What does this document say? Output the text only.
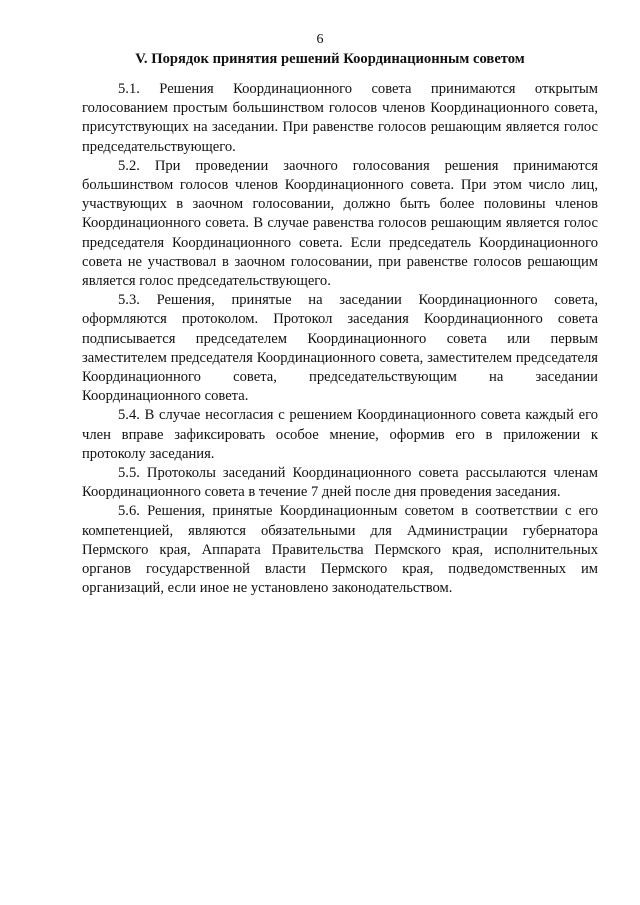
6
V. Порядок принятия решений Координационным советом

5.1. Решения Координационного совета принимаются открытым голосованием простым большинством голосов членов Координационного совета, присутствующих на заседании. При равенстве голосов решающим является голос председательствующего.

5.2. При проведении заочного голосования решения принимаются большинством голосов членов Координационного совета. При этом число лиц, участвующих в заочном голосовании, должно быть более половины членов Координационного совета. В случае равенства голосов решающим является голос председателя Координационного совета. Если председатель Координационного совета не участвовал в заочном голосовании, при равенстве голосов решающим является голос председательствующего.

5.3. Решения, принятые на заседании Координационного совета, оформляются протоколом. Протокол заседания Координационного совета подписывается председателем Координационного совета или первым заместителем председателя Координационного совета, заместителем председателя Координационного совета, председательствующим на заседании Координационного совета.

5.4. В случае несогласия с решением Координационного совета каждый его член вправе зафиксировать особое мнение, оформив его в приложении к протоколу заседания.

5.5. Протоколы заседаний Координационного совета рассылаются членам Координационного совета в течение 7 дней после дня проведения заседания.

5.6. Решения, принятые Координационным советом в соответствии с его компетенцией, являются обязательными для Администрации губернатора Пермского края, Аппарата Правительства Пермского края, исполнительных органов государственной власти Пермского края, подведомственных им организаций, если иное не установлено законодательством.
